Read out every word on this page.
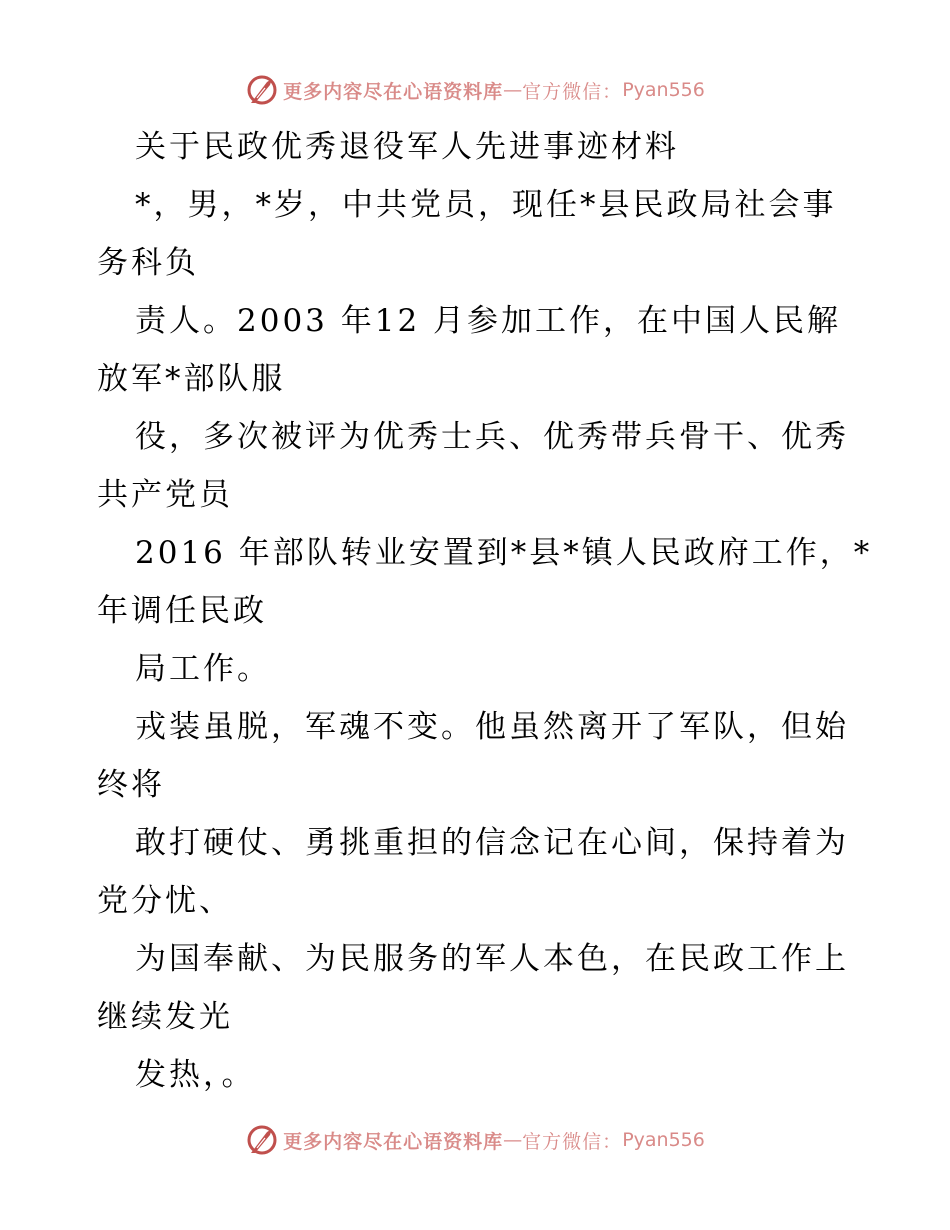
更多内容尽在心语资料库 — 官方微信： Pyan556
关于民政优秀退役军人先进事迹材料
*，男，*岁，中共党员，现任*县民政局社会事
务科负
责人。2003 年12 月参加工作，在中国人民解
放军*部队服
役，多次被评为优秀士兵、优秀带兵骨干、优秀
共产党员
2016 年部队转业安置到*县*镇人民政府工作，*
年调任民政
局工作。
戎装虽脱，军魂不变。他虽然离开了军队，但始
终将
敢打硬仗、勇挑重担的信念记在心间，保持着为
党分忧、
为国奉献、为民服务的军人本色，在民政工作上
继续发光
发热，。
更多内容尽在心语资料库 — 官方微信： Pyan556
